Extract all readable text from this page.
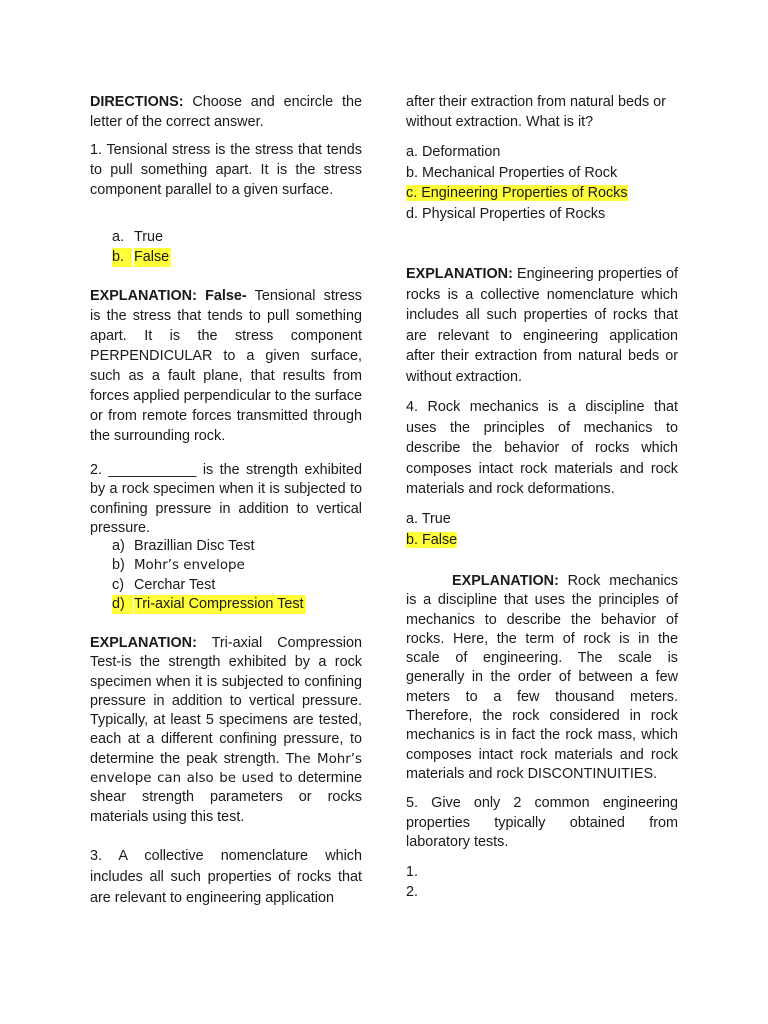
DIRECTIONS: Choose and encircle the letter of the correct answer.

1. Tensional stress is the stress that tends to pull something apart. It is the stress component parallel to a given surface.

a. True
b. False

EXPLANATION: False- Tensional stress is the stress that tends to pull something apart. It is the stress component PERPENDICULAR to a given surface, such as a fault plane, that results from forces applied perpendicular to the surface or from remote forces transmitted through the surrounding rock.

2. ___________ is the strength exhibited by a rock specimen when it is subjected to confining pressure in addition to vertical pressure.

a) Brazillian Disc Test
b) Mohr’s envelope
c) Cerchar Test
d) Tri-axial Compression Test

EXPLANATION: Tri-axial Compression Test-is the strength exhibited by a rock specimen when it is subjected to confining pressure in addition to vertical pressure. Typically, at least 5 specimens are tested, each at a different confining pressure, to determine the peak strength. The Mohr’s envelope can also be used to determine shear strength parameters or rocks materials using this test.

3. A collective nomenclature which includes all such properties of rocks that are relevant to engineering application

after their extraction from natural beds or without extraction. What is it?

a. Deformation
b. Mechanical Properties of Rock
c. Engineering Properties of Rocks
d. Physical Properties of Rocks

EXPLANATION: Engineering properties of rocks is a collective nomenclature which includes all such properties of rocks that are relevant to engineering application after their extraction from natural beds or without extraction.

4. Rock mechanics is a discipline that uses the principles of mechanics to describe the behavior of rocks which composes intact rock materials and rock materials and rock deformations.

a. True
b. False

EXPLANATION: Rock mechanics is a discipline that uses the principles of mechanics to describe the behavior of rocks. Here, the term of rock is in the scale of engineering. The scale is generally in the order of between a few meters to a few thousand meters. Therefore, the rock considered in rock mechanics is in fact the rock mass, which composes intact rock materials and rock materials and rock DISCONTINUITIES.

5. Give only 2 common engineering properties typically obtained from laboratory tests.

1.
2.
